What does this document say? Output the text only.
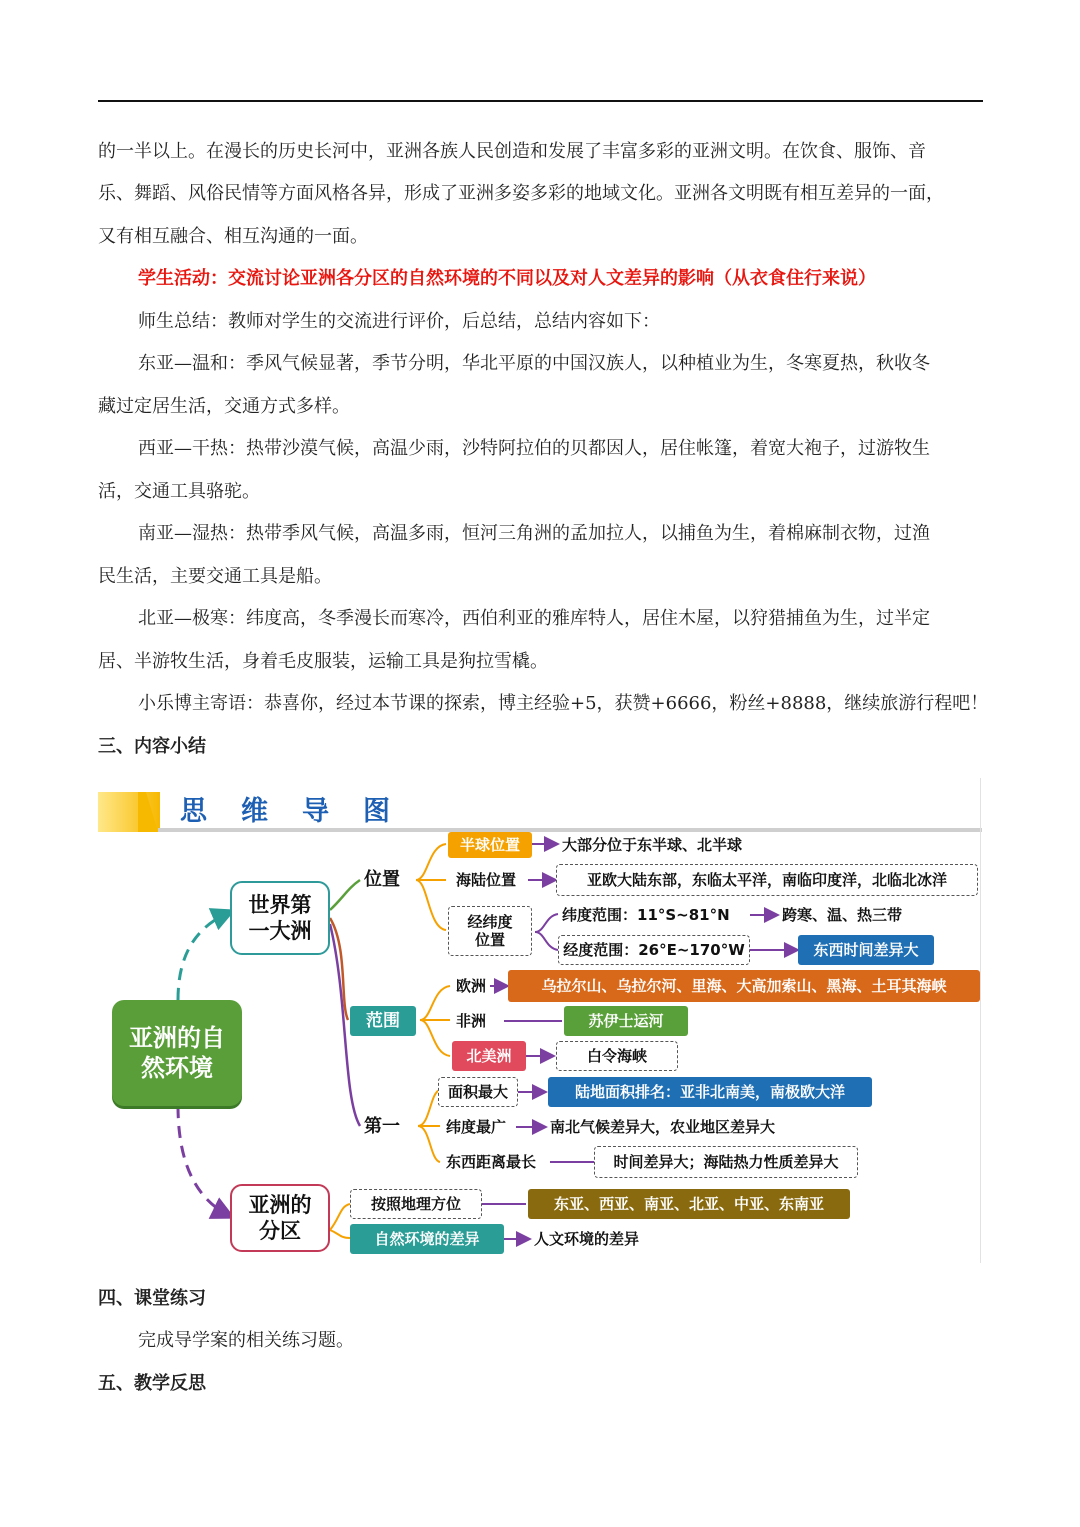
的一半以上。在漫长的历史长河中，亚洲各族人民创造和发展了丰富多彩的亚洲文明。在饮食、服饰、音
乐、舞蹈、风俗民情等方面风格各异，形成了亚洲多姿多彩的地域文化。亚洲各文明既有相互差异的一面，
又有相互融合、相互沟通的一面。
学生活动：交流讨论亚洲各分区的自然环境的不同以及对人文差异的影响（从衣食住行来说）
师生总结：教师对学生的交流进行评价，后总结，总结内容如下：
东亚—温和：季风气候显著，季节分明，华北平原的中国汉族人，以种植业为生，冬寒夏热，秋收冬
藏过定居生活，交通方式多样。
西亚—干热：热带沙漠气候，高温少雨，沙特阿拉伯的贝都因人，居住帐篷，着宽大袍子，过游牧生
活，交通工具骆驼。
南亚—湿热：热带季风气候，高温多雨，恒河三角洲的孟加拉人，以捕鱼为生，着棉麻制衣物，过渔
民生活，主要交通工具是船。
北亚—极寒：纬度高，冬季漫长而寒冷，西伯利亚的雅库特人，居住木屋，以狩猎捕鱼为生，过半定
居、半游牧生活，身着毛皮服装，运输工具是狗拉雪橇。
小乐博主寄语：恭喜你，经过本节课的探索，博主经验+5，获赞+6666，粉丝+8888，继续旅游行程吧！
三、内容小结
思维导图
亚洲的自然环境
世界第一大洲
位置
半球位置	大部分位于东半球、北半球
海陆位置	亚欧大陆东部，东临太平洋，南临印度洋，北临北冰洋
经纬度位置
纬度范围：11°S~81°N	跨寒、温、热三带
经度范围：26°E~170°W	东西时间差异大
范围
欧洲	乌拉尔山、乌拉尔河、里海、大高加索山、黑海、土耳其海峡
非洲	苏伊士运河
北美洲	白令海峡
第一
面积最大	陆地面积排名：亚非北南美，南极欧大洋
纬度最广	南北气候差异大，农业地区差异大
东西距离最长	时间差异大；海陆热力性质差异大
亚洲的分区
按照地理方位	东亚、西亚、南亚、北亚、中亚、东南亚
自然环境的差异	人文环境的差异
四、课堂练习
完成导学案的相关练习题。
五、教学反思
